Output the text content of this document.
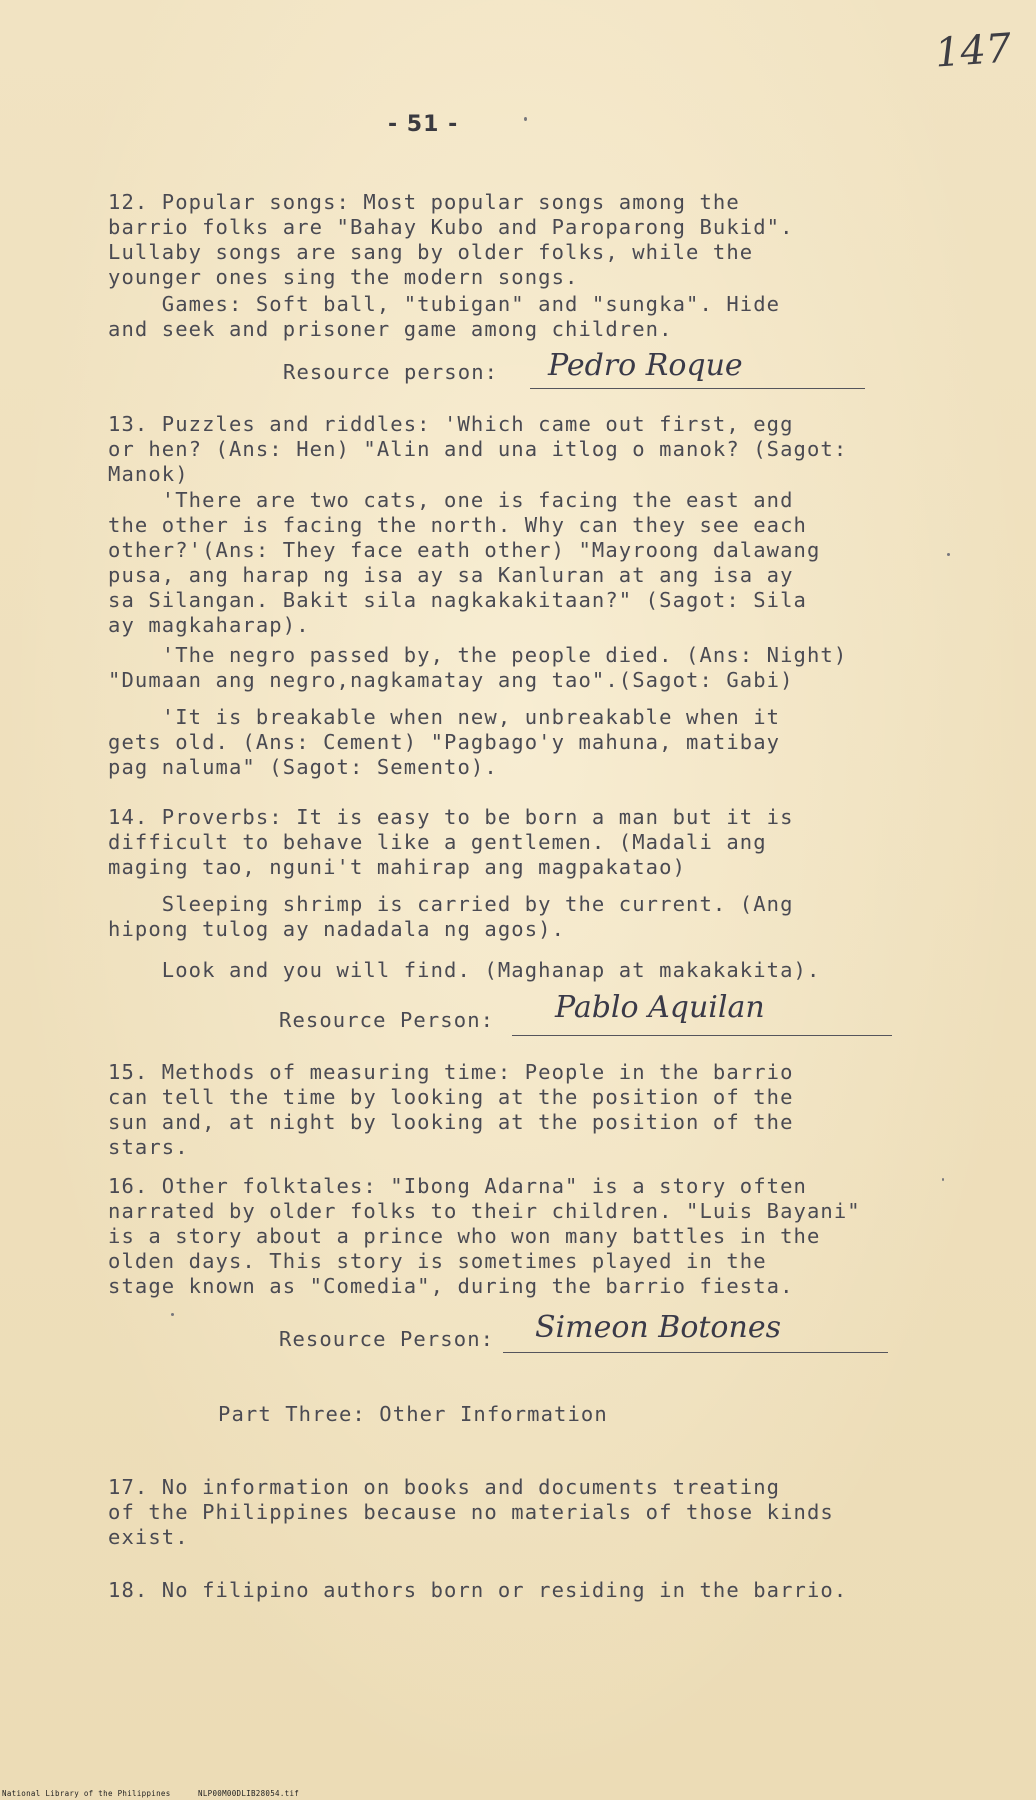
147
- 51 -
12. Popular songs: Most popular songs among the
barrio folks are "Bahay Kubo and Paroparong Bukid".
Lullaby songs are sang by older folks, while the
younger ones sing the modern songs.
Games: Soft ball, "tubigan" and "sungka". Hide
and seek and prisoner game among children.
Resource person: Pedro Roque
13. Puzzles and riddles: 'Which came out first, egg
or hen? (Ans: Hen) "Alin and una itlog o manok? (Sagot:
Manok)
'There are two cats, one is facing the east and
the other is facing the north. Why can they see each
other?'(Ans: They face eath other) "Mayroong dalawang
pusa, ang harap ng isa ay sa Kanluran at ang isa ay
sa Silangan. Bakit sila nagkakakitaan?" (Sagot: Sila
ay magkaharap).
'The negro passed by, the people died. (Ans: Night)
"Dumaan ang negro,nagkamatay ang tao".(Sagot: Gabi)
'It is breakable when new, unbreakable when it
gets old. (Ans: Cement) "Pagbago'y mahuna, matibay
pag naluma" (Sagot: Semento).
14. Proverbs: It is easy to be born a man but it is
difficult to behave like a gentlemen. (Madali ang
maging tao, nguni't mahirap ang magpakatao)
Sleeping shrimp is carried by the current. (Ang
hipong tulog ay nadadala ng agos).
Look and you will find. (Maghanap at makakakita).
Resource Person: Pablo Aquilan
15. Methods of measuring time: People in the barrio
can tell the time by looking at the position of the
sun and, at night by looking at the position of the
stars.
16. Other folktales: "Ibong Adarna" is a story often
narrated by older folks to their children. "Luis Bayani"
is a story about a prince who won many battles in the
olden days. This story is sometimes played in the
stage known as "Comedia", during the barrio fiesta.
Resource Person: Simeon Botones
Part Three: Other Information
17. No information on books and documents treating
of the Philippines because no materials of those kinds
exist.
18. No filipino authors born or residing in the barrio.
National Library of the Philippines	NLP00M00DLIB28054.tif
